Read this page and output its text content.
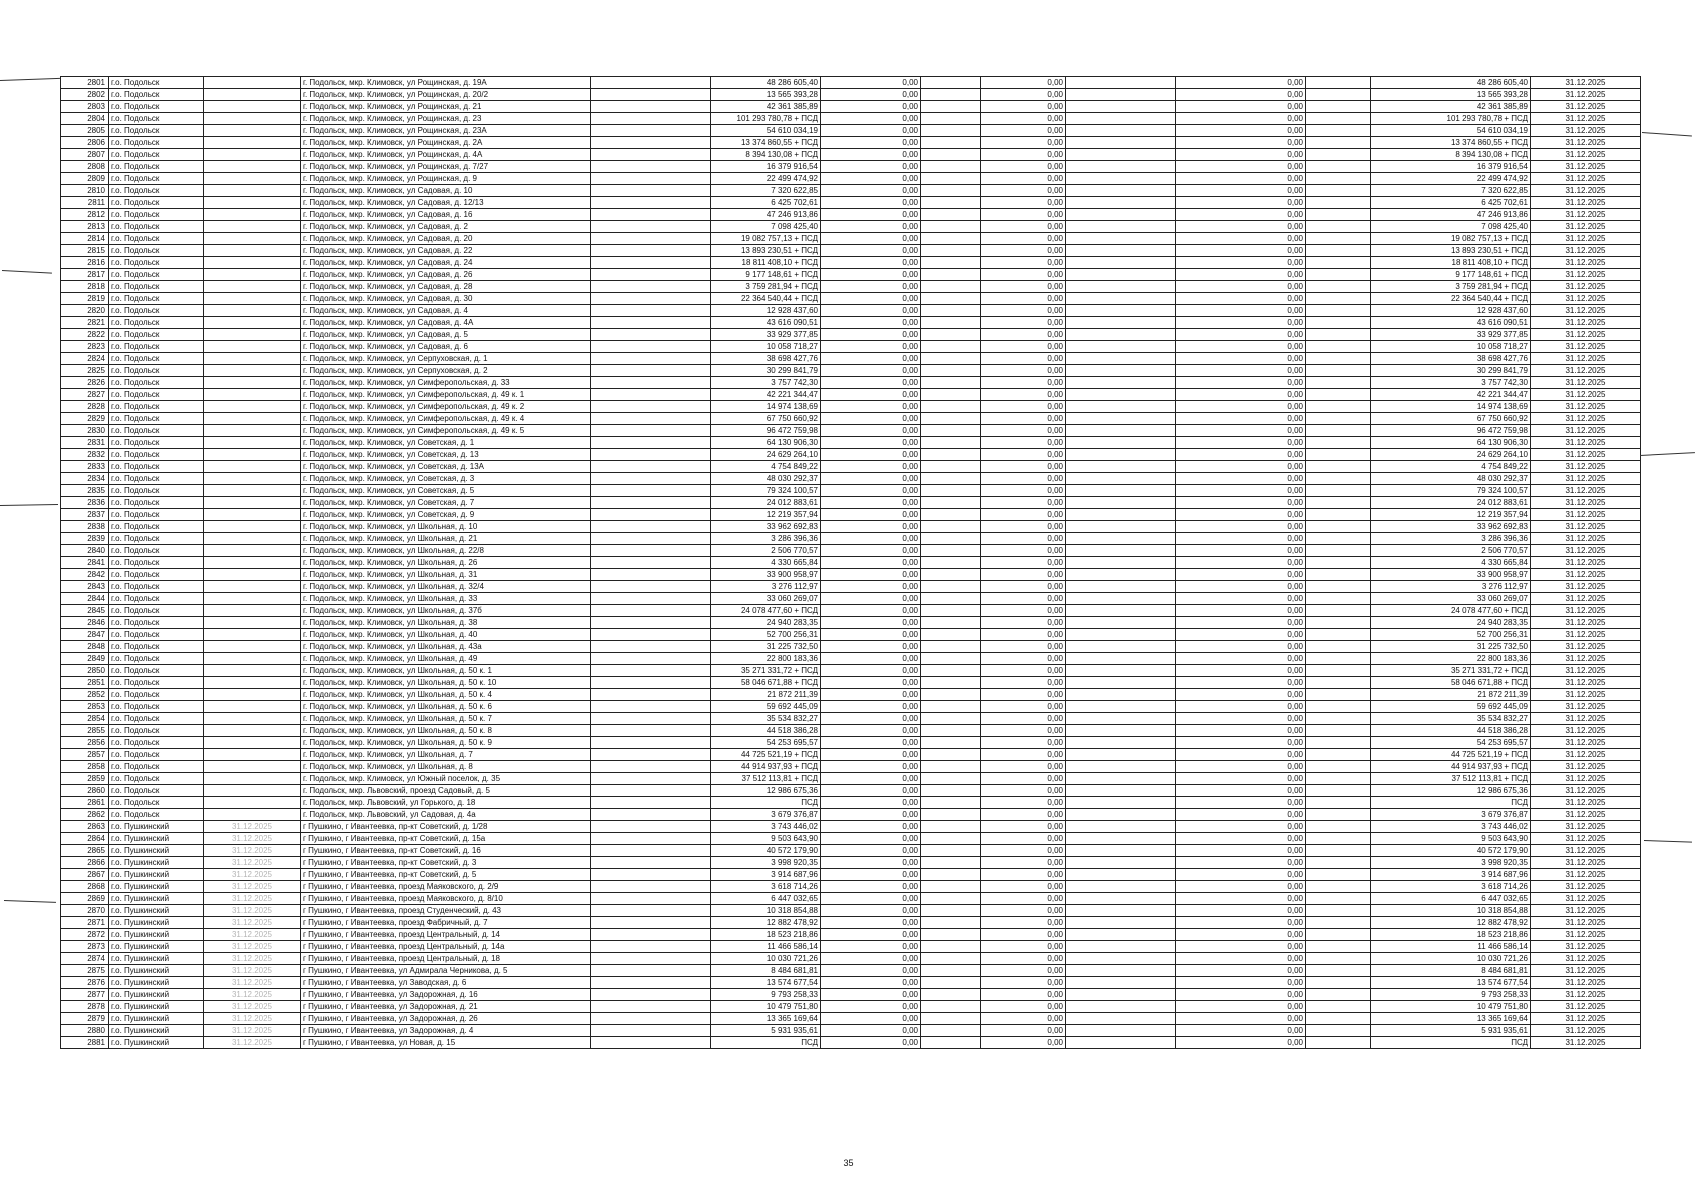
2801	г.о. Подольск		г. Подольск, мкр. Климовск, ул Рощинская, д. 19А		48 286 605,40	0,00		0,00		0,00		48 286 605,40	31.12.2025
2802	г.о. Подольск		г. Подольск, мкр. Климовск, ул Рощинская, д. 20/2		13 565 393,28	0,00		0,00		0,00		13 565 393,28	31.12.2025
2803	г.о. Подольск		г. Подольск, мкр. Климовск, ул Рощинская, д. 21		42 361 385,89	0,00		0,00		0,00		42 361 385,89	31.12.2025
2804	г.о. Подольск		г. Подольск, мкр. Климовск, ул Рощинская, д. 23		101 293 780,78 + ПСД	0,00		0,00		0,00		101 293 780,78 + ПСД	31.12.2025
2805	г.о. Подольск		г. Подольск, мкр. Климовск, ул Рощинская, д. 23А		54 610 034,19	0,00		0,00		0,00		54 610 034,19	31.12.2025
2806	г.о. Подольск		г. Подольск, мкр. Климовск, ул Рощинская, д. 2А		13 374 860,55 + ПСД	0,00		0,00		0,00		13 374 860,55 + ПСД	31.12.2025
2807	г.о. Подольск		г. Подольск, мкр. Климовск, ул Рощинская, д. 4А		8 394 130,08 + ПСД	0,00		0,00		0,00		8 394 130,08 + ПСД	31.12.2025
2808	г.о. Подольск		г. Подольск, мкр. Климовск, ул Рощинская, д. 7/27		16 379 916,54	0,00		0,00		0,00		16 379 916,54	31.12.2025
2809	г.о. Подольск		г. Подольск, мкр. Климовск, ул Рощинская, д. 9		22 499 474,92	0,00		0,00		0,00		22 499 474,92	31.12.2025
2810	г.о. Подольск		г. Подольск, мкр. Климовск, ул Садовая, д. 10		7 320 622,85	0,00		0,00		0,00		7 320 622,85	31.12.2025
2811	г.о. Подольск		г. Подольск, мкр. Климовск, ул Садовая, д. 12/13		6 425 702,61	0,00		0,00		0,00		6 425 702,61	31.12.2025
2812	г.о. Подольск		г. Подольск, мкр. Климовск, ул Садовая, д. 16		47 246 913,86	0,00		0,00		0,00		47 246 913,86	31.12.2025
2813	г.о. Подольск		г. Подольск, мкр. Климовск, ул Садовая, д. 2		7 098 425,40	0,00		0,00		0,00		7 098 425,40	31.12.2025
2814	г.о. Подольск		г. Подольск, мкр. Климовск, ул Садовая, д. 20		19 082 757,13 + ПСД	0,00		0,00		0,00		19 082 757,13 + ПСД	31.12.2025
2815	г.о. Подольск		г. Подольск, мкр. Климовск, ул Садовая, д. 22		13 893 230,51 + ПСД	0,00		0,00		0,00		13 893 230,51 + ПСД	31.12.2025
2816	г.о. Подольск		г. Подольск, мкр. Климовск, ул Садовая, д. 24		18 811 408,10 + ПСД	0,00		0,00		0,00		18 811 408,10 + ПСД	31.12.2025
2817	г.о. Подольск		г. Подольск, мкр. Климовск, ул Садовая, д. 26		9 177 148,61 + ПСД	0,00		0,00		0,00		9 177 148,61 + ПСД	31.12.2025
2818	г.о. Подольск		г. Подольск, мкр. Климовск, ул Садовая, д. 28		3 759 281,94 + ПСД	0,00		0,00		0,00		3 759 281,94 + ПСД	31.12.2025
2819	г.о. Подольск		г. Подольск, мкр. Климовск, ул Садовая, д. 30		22 364 540,44 + ПСД	0,00		0,00		0,00		22 364 540,44 + ПСД	31.12.2025
2820	г.о. Подольск		г. Подольск, мкр. Климовск, ул Садовая, д. 4		12 928 437,60	0,00		0,00		0,00		12 928 437,60	31.12.2025
2821	г.о. Подольск		г. Подольск, мкр. Климовск, ул Садовая, д. 4А		43 616 090,51	0,00		0,00		0,00		43 616 090,51	31.12.2025
2822	г.о. Подольск		г. Подольск, мкр. Климовск, ул Садовая, д. 5		33 929 377,85	0,00		0,00		0,00		33 929 377,85	31.12.2025
2823	г.о. Подольск		г. Подольск, мкр. Климовск, ул Садовая, д. 6		10 058 718,27	0,00		0,00		0,00		10 058 718,27	31.12.2025
2824	г.о. Подольск		г. Подольск, мкр. Климовск, ул Серпуховская, д. 1		38 698 427,76	0,00		0,00		0,00		38 698 427,76	31.12.2025
2825	г.о. Подольск		г. Подольск, мкр. Климовск, ул Серпуховская, д. 2		30 299 841,79	0,00		0,00		0,00		30 299 841,79	31.12.2025
2826	г.о. Подольск		г. Подольск, мкр. Климовск, ул Симферопольская, д. 33		3 757 742,30	0,00		0,00		0,00		3 757 742,30	31.12.2025
2827	г.о. Подольск		г. Подольск, мкр. Климовск, ул Симферопольская, д. 49 к. 1		42 221 344,47	0,00		0,00		0,00		42 221 344,47	31.12.2025
2828	г.о. Подольск		г. Подольск, мкр. Климовск, ул Симферопольская, д. 49 к. 2		14 974 138,69	0,00		0,00		0,00		14 974 138,69	31.12.2025
2829	г.о. Подольск		г. Подольск, мкр. Климовск, ул Симферопольская, д. 49 к. 4		67 750 660,92	0,00		0,00		0,00		67 750 660,92	31.12.2025
2830	г.о. Подольск		г. Подольск, мкр. Климовск, ул Симферопольская, д. 49 к. 5		96 472 759,98	0,00		0,00		0,00		96 472 759,98	31.12.2025
2831	г.о. Подольск		г. Подольск, мкр. Климовск, ул Советская, д. 1		64 130 906,30	0,00		0,00		0,00		64 130 906,30	31.12.2025
2832	г.о. Подольск		г. Подольск, мкр. Климовск, ул Советская, д. 13		24 629 264,10	0,00		0,00		0,00		24 629 264,10	31.12.2025
2833	г.о. Подольск		г. Подольск, мкр. Климовск, ул Советская, д. 13А		4 754 849,22	0,00		0,00		0,00		4 754 849,22	31.12.2025
2834	г.о. Подольск		г. Подольск, мкр. Климовск, ул Советская, д. 3		48 030 292,37	0,00		0,00		0,00		48 030 292,37	31.12.2025
2835	г.о. Подольск		г. Подольск, мкр. Климовск, ул Советская, д. 5		79 324 100,57	0,00		0,00		0,00		79 324 100,57	31.12.2025
2836	г.о. Подольск		г. Подольск, мкр. Климовск, ул Советская, д. 7		24 012 883,61	0,00		0,00		0,00		24 012 883,61	31.12.2025
2837	г.о. Подольск		г. Подольск, мкр. Климовск, ул Советская, д. 9		12 219 357,94	0,00		0,00		0,00		12 219 357,94	31.12.2025
2838	г.о. Подольск		г. Подольск, мкр. Климовск, ул Школьная, д. 10		33 962 692,83	0,00		0,00		0,00		33 962 692,83	31.12.2025
2839	г.о. Подольск		г. Подольск, мкр. Климовск, ул Школьная, д. 21		3 286 396,36	0,00		0,00		0,00		3 286 396,36	31.12.2025
2840	г.о. Подольск		г. Подольск, мкр. Климовск, ул Школьная, д. 22/8		2 506 770,57	0,00		0,00		0,00		2 506 770,57	31.12.2025
2841	г.о. Подольск		г. Подольск, мкр. Климовск, ул Школьная, д. 26		4 330 665,84	0,00		0,00		0,00		4 330 665,84	31.12.2025
2842	г.о. Подольск		г. Подольск, мкр. Климовск, ул Школьная, д. 31		33 900 958,97	0,00		0,00		0,00		33 900 958,97	31.12.2025
2843	г.о. Подольск		г. Подольск, мкр. Климовск, ул Школьная, д. 32/4		3 276 112,97	0,00		0,00		0,00		3 276 112,97	31.12.2025
2844	г.о. Подольск		г. Подольск, мкр. Климовск, ул Школьная, д. 33		33 060 269,07	0,00		0,00		0,00		33 060 269,07	31.12.2025
2845	г.о. Подольск		г. Подольск, мкр. Климовск, ул Школьная, д. 37б		24 078 477,60 + ПСД	0,00		0,00		0,00		24 078 477,60 + ПСД	31.12.2025
2846	г.о. Подольск		г. Подольск, мкр. Климовск, ул Школьная, д. 38		24 940 283,35	0,00		0,00		0,00		24 940 283,35	31.12.2025
2847	г.о. Подольск		г. Подольск, мкр. Климовск, ул Школьная, д. 40		52 700 256,31	0,00		0,00		0,00		52 700 256,31	31.12.2025
2848	г.о. Подольск		г. Подольск, мкр. Климовск, ул Школьная, д. 43а		31 225 732,50	0,00		0,00		0,00		31 225 732,50	31.12.2025
2849	г.о. Подольск		г. Подольск, мкр. Климовск, ул Школьная, д. 49		22 800 183,36	0,00		0,00		0,00		22 800 183,36	31.12.2025
2850	г.о. Подольск		г. Подольск, мкр. Климовск, ул Школьная, д. 50 к. 1		35 271 331,72 + ПСД	0,00		0,00		0,00		35 271 331,72 + ПСД	31.12.2025
2851	г.о. Подольск		г. Подольск, мкр. Климовск, ул Школьная, д. 50 к. 10		58 046 671,88 + ПСД	0,00		0,00		0,00		58 046 671,88 + ПСД	31.12.2025
2852	г.о. Подольск		г. Подольск, мкр. Климовск, ул Школьная, д. 50 к. 4		21 872 211,39	0,00		0,00		0,00		21 872 211,39	31.12.2025
2853	г.о. Подольск		г. Подольск, мкр. Климовск, ул Школьная, д. 50 к. 6		59 692 445,09	0,00		0,00		0,00		59 692 445,09	31.12.2025
2854	г.о. Подольск		г. Подольск, мкр. Климовск, ул Школьная, д. 50 к. 7		35 534 832,27	0,00		0,00		0,00		35 534 832,27	31.12.2025
2855	г.о. Подольск		г. Подольск, мкр. Климовск, ул Школьная, д. 50 к. 8		44 518 386,28	0,00		0,00		0,00		44 518 386,28	31.12.2025
2856	г.о. Подольск		г. Подольск, мкр. Климовск, ул Школьная, д. 50 к. 9		54 253 695,57	0,00		0,00		0,00		54 253 695,57	31.12.2025
2857	г.о. Подольск		г. Подольск, мкр. Климовск, ул Школьная, д. 7		44 725 521,19 + ПСД	0,00		0,00		0,00		44 725 521,19 + ПСД	31.12.2025
2858	г.о. Подольск		г. Подольск, мкр. Климовск, ул Школьная, д. 8		44 914 937,93 + ПСД	0,00		0,00		0,00		44 914 937,93 + ПСД	31.12.2025
2859	г.о. Подольск		г. Подольск, мкр. Климовск, ул Южный поселок, д. 35		37 512 113,81 + ПСД	0,00		0,00		0,00		37 512 113,81 + ПСД	31.12.2025
2860	г.о. Подольск		г. Подольск, мкр. Львовский, проезд Садовый, д. 5		12 986 675,36	0,00		0,00		0,00		12 986 675,36	31.12.2025
2861	г.о. Подольск		г. Подольск, мкр. Львовский, ул Горького, д. 18		ПСД	0,00		0,00		0,00		ПСД	31.12.2025
2862	г.о. Подольск		г. Подольск, мкр. Львовский, ул Садовая, д. 4а		3 679 376,87	0,00		0,00		0,00		3 679 376,87	31.12.2025
2863	г.о. Пушкинский	31.12.2025	г Пушкино, г Ивантеевка, пр-кт Советский, д. 1/28		3 743 446,02	0,00		0,00		0,00		3 743 446,02	31.12.2025
2864	г.о. Пушкинский	31.12.2025	г Пушкино, г Ивантеевка, пр-кт Советский, д. 15а		9 503 643,90	0,00		0,00		0,00		9 503 643,90	31.12.2025
2865	г.о. Пушкинский	31.12.2025	г Пушкино, г Ивантеевка, пр-кт Советский, д. 16		40 572 179,90	0,00		0,00		0,00		40 572 179,90	31.12.2025
2866	г.о. Пушкинский	31.12.2025	г Пушкино, г Ивантеевка, пр-кт Советский, д. 3		3 998 920,35	0,00		0,00		0,00		3 998 920,35	31.12.2025
2867	г.о. Пушкинский	31.12.2025	г Пушкино, г Ивантеевка, пр-кт Советский, д. 5		3 914 687,96	0,00		0,00		0,00		3 914 687,96	31.12.2025
2868	г.о. Пушкинский	31.12.2025	г Пушкино, г Ивантеевка, проезд Маяковского, д. 2/9		3 618 714,26	0,00		0,00		0,00		3 618 714,26	31.12.2025
2869	г.о. Пушкинский	31.12.2025	г Пушкино, г Ивантеевка, проезд Маяковского, д. 8/10		6 447 032,65	0,00		0,00		0,00		6 447 032,65	31.12.2025
2870	г.о. Пушкинский	31.12.2025	г Пушкино, г Ивантеевка, проезд Студенческий, д. 43		10 318 854,88	0,00		0,00		0,00		10 318 854,88	31.12.2025
2871	г.о. Пушкинский	31.12.2025	г Пушкино, г Ивантеевка, проезд Фабричный, д. 7		12 882 478,92	0,00		0,00		0,00		12 882 478,92	31.12.2025
2872	г.о. Пушкинский	31.12.2025	г Пушкино, г Ивантеевка, проезд Центральный, д. 14		18 523 218,86	0,00		0,00		0,00		18 523 218,86	31.12.2025
2873	г.о. Пушкинский	31.12.2025	г Пушкино, г Ивантеевка, проезд Центральный, д. 14а		11 466 586,14	0,00		0,00		0,00		11 466 586,14	31.12.2025
2874	г.о. Пушкинский	31.12.2025	г Пушкино, г Ивантеевка, проезд Центральный, д. 18		10 030 721,26	0,00		0,00		0,00		10 030 721,26	31.12.2025
2875	г.о. Пушкинский	31.12.2025	г Пушкино, г Ивантеевка, ул Адмирала Черникова, д. 5		8 484 681,81	0,00		0,00		0,00		8 484 681,81	31.12.2025
2876	г.о. Пушкинский	31.12.2025	г Пушкино, г Ивантеевка, ул Заводская, д. 6		13 574 677,54	0,00		0,00		0,00		13 574 677,54	31.12.2025
2877	г.о. Пушкинский	31.12.2025	г Пушкино, г Ивантеевка, ул Задорожная, д. 16		9 793 258,33	0,00		0,00		0,00		9 793 258,33	31.12.2025
2878	г.о. Пушкинский	31.12.2025	г Пушкино, г Ивантеевка, ул Задорожная, д. 21		10 479 751,80	0,00		0,00		0,00		10 479 751,80	31.12.2025
2879	г.о. Пушкинский	31.12.2025	г Пушкино, г Ивантеевка, ул Задорожная, д. 26		13 365 169,64	0,00		0,00		0,00		13 365 169,64	31.12.2025
2880	г.о. Пушкинский	31.12.2025	г Пушкино, г Ивантеевка, ул Задорожная, д. 4		5 931 935,61	0,00		0,00		0,00		5 931 935,61	31.12.2025
2881	г.о. Пушкинский	31.12.2025	г Пушкино, г Ивантеевка, ул Новая, д. 15		ПСД	0,00		0,00		0,00		ПСД	31.12.2025
35
